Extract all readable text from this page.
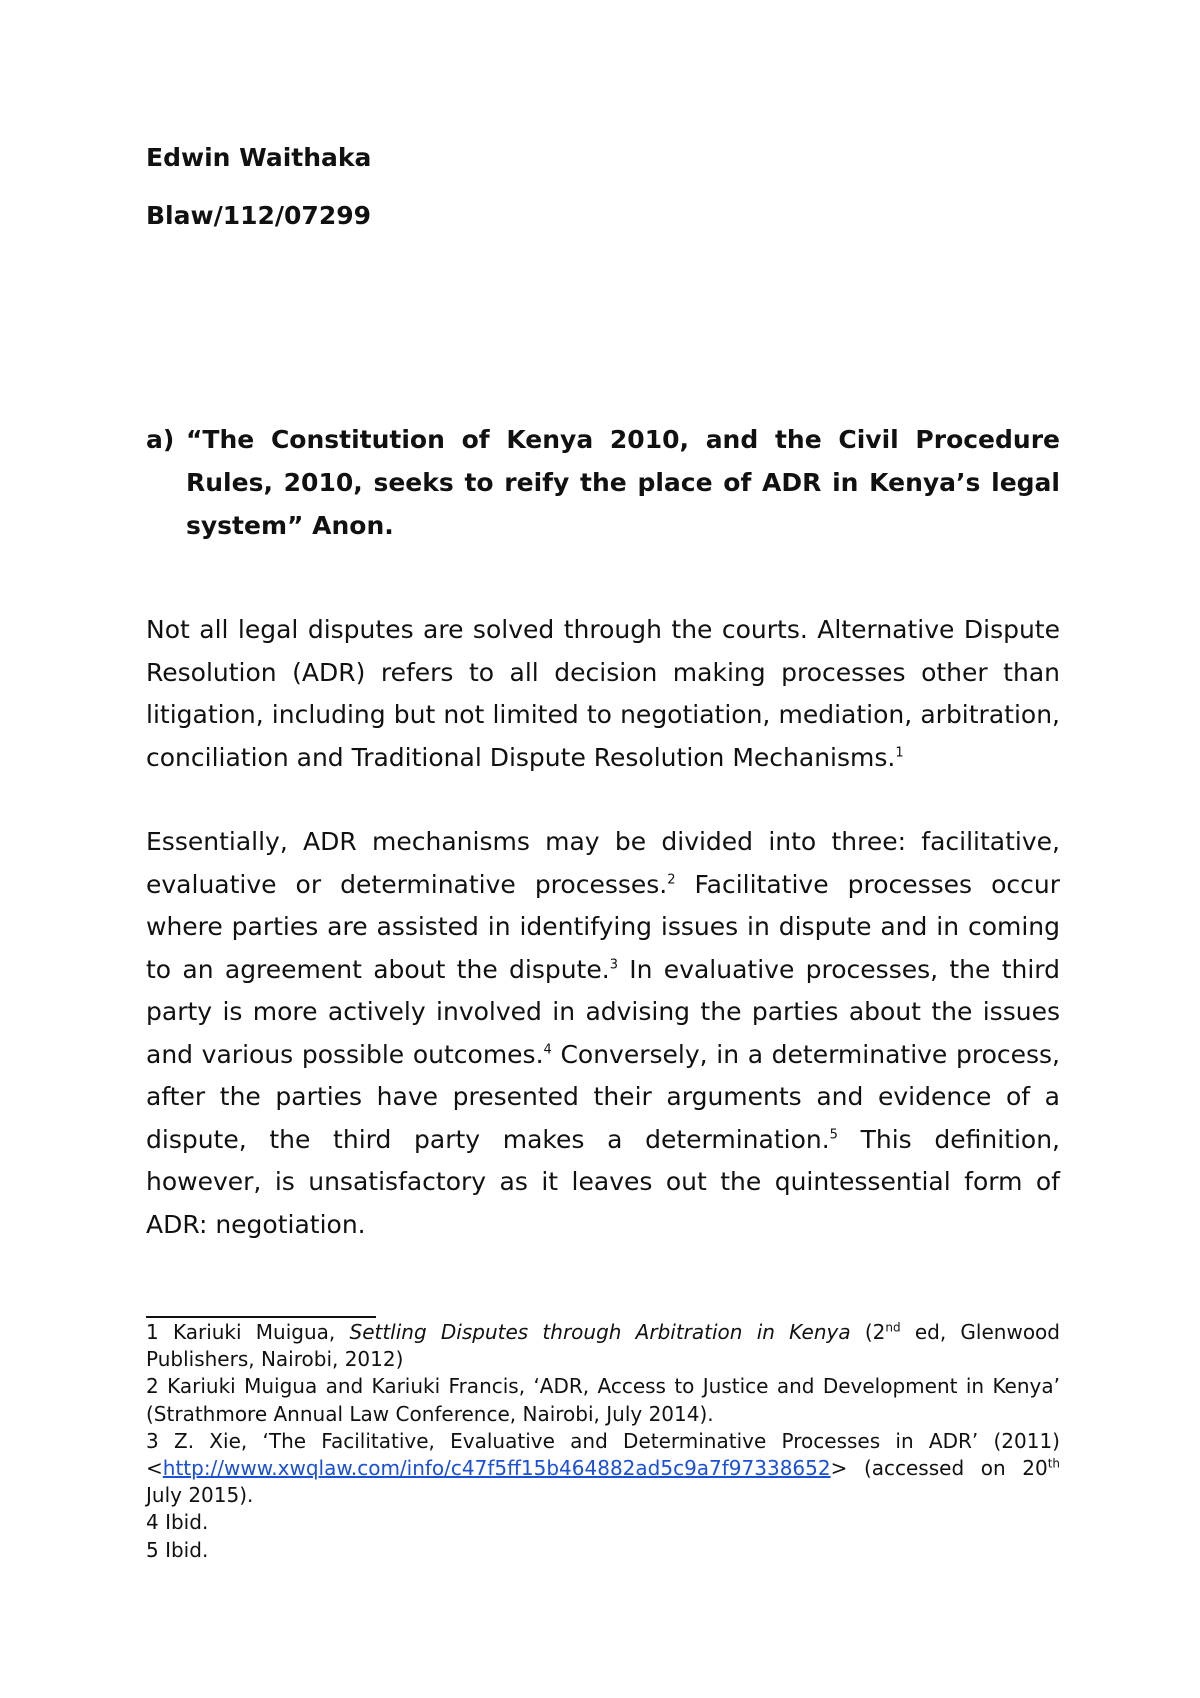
Edwin Waithaka

Blaw/112/07299

a) “The Constitution of Kenya 2010, and the Civil Procedure Rules, 2010, seeks to reify the place of ADR in Kenya’s legal system” Anon.

Not all legal disputes are solved through the courts. Alternative Dispute Resolution (ADR) refers to all decision making processes other than litigation, including but not limited to negotiation, mediation, arbitration, conciliation and Traditional Dispute Resolution Mechanisms.$^1$

Essentially, ADR mechanisms may be divided into three: facilitative, evaluative or determinative processes.$^2$ Facilitative processes occur where parties are assisted in identifying issues in dispute and in coming to an agreement about the dispute.$^3$ In evaluative processes, the third party is more actively involved in advising the parties about the issues and various possible outcomes.$^4$ Conversely, in a determinative process, after the parties have presented their arguments and evidence of a dispute, the third party makes a determination.$^5$ This definition, however, is unsatisfactory as it leaves out the quintessential form of ADR: negotiation.

1 Kariuki Muigua, Settling Disputes through Arbitration in Kenya (2nd ed, Glenwood Publishers, Nairobi, 2012)
2 Kariuki Muigua and Kariuki Francis, ‘ADR, Access to Justice and Development in Kenya’ (Strathmore Annual Law Conference, Nairobi, July 2014).
3 Z. Xie, ‘The Facilitative, Evaluative and Determinative Processes in ADR’ (2011) <http://www.xwqlaw.com/info/c47f5ff15b464882ad5c9a7f97338652> (accessed on 20th July 2015).
4 Ibid.
5 Ibid.
